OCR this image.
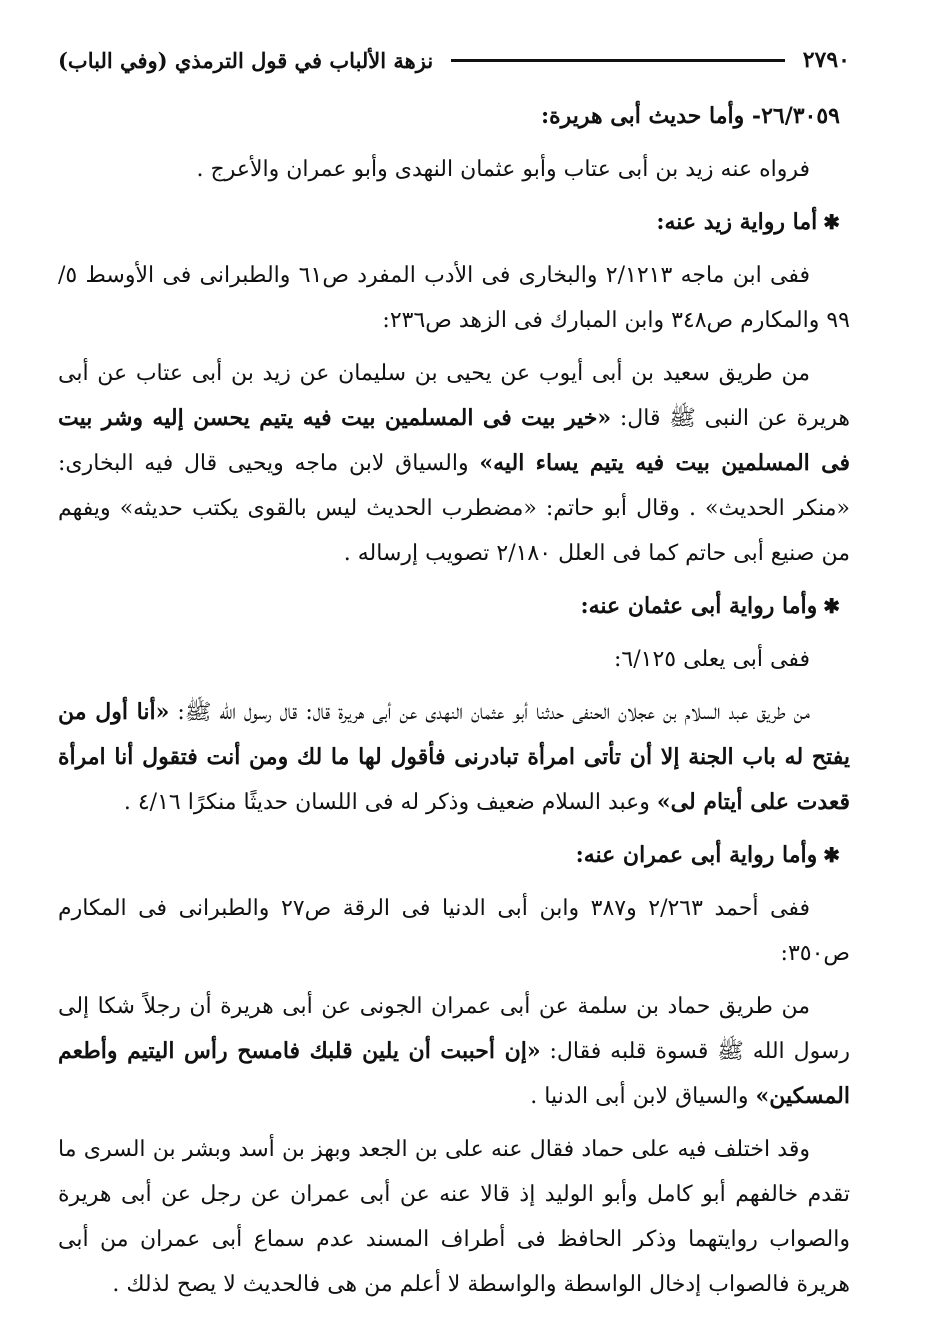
٢٧٩٠
نزهة الألباب في قول الترمذي (وفي الباب)

٢٦/٣٠٥٩- وأما حديث أبى هريرة:

فرواه عنه زيد بن أبى عتاب وأبو عثمان النهدى وأبو عمران والأعرج .

✱أما رواية زيد عنه:

ففى ابن ماجه ٢/١٢١٣ والبخارى فى الأدب المفرد ص٦١ والطبرانى فى الأوسط ٥/ ٩٩ والمكارم ص٣٤٨ وابن المبارك فى الزهد ص٢٣٦:

من طريق سعيد بن أبى أيوب عن يحيى بن سليمان عن زيد بن أبى عتاب عن أبى هريرة عن النبى ﷺ قال: «خير بيت فى المسلمين بيت فيه يتيم يحسن إليه وشر بيت فى المسلمين بيت فيه يتيم يساء اليه» والسياق لابن ماجه ويحيى قال فيه البخارى: «منكر الحديث» . وقال أبو حاتم: «مضطرب الحديث ليس بالقوى يكتب حديثه» ويفهم من صنيع أبى حاتم كما فى العلل ٢/١٨٠ تصويب إرساله .

✱وأما رواية أبى عثمان عنه:

ففى أبى يعلى ٦/١٢٥:

من طريق عبد السلام بن عجلان الحنفى حدثنا أبو عثمان النهدى عن أبى هريرة قال: قال رسول الله ﷺ: «أنا أول من يفتح له باب الجنة إلا أن تأتى امرأة تبادرنى فأقول لها ما لك ومن أنت فتقول أنا امرأة قعدت على أيتام لى» وعبد السلام ضعيف وذكر له فى اللسان حديثًا منكرًا ٤/١٦ .

✱وأما رواية أبى عمران عنه:

ففى أحمد ٢/٢٦٣ و٣٨٧ وابن أبى الدنيا فى الرقة ص٢٧ والطبرانى فى المكارم ص٣٥٠:

من طريق حماد بن سلمة عن أبى عمران الجونى عن أبى هريرة أن رجلاً شكا إلى رسول الله ﷺ قسوة قلبه فقال: «إن أحببت أن يلين قلبك فامسح رأس اليتيم وأطعم المسكين» والسياق لابن أبى الدنيا .

وقد اختلف فيه على حماد فقال عنه على بن الجعد وبهز بن أسد وبشر بن السرى ما تقدم خالفهم أبو كامل وأبو الوليد إذ قالا عنه عن أبى عمران عن رجل عن أبى هريرة والصواب روايتهما وذكر الحافظ فى أطراف المسند عدم سماع أبى عمران من أبى هريرة فالصواب إدخال الواسطة والواسطة لا أعلم من هى فالحديث لا يصح لذلك .
